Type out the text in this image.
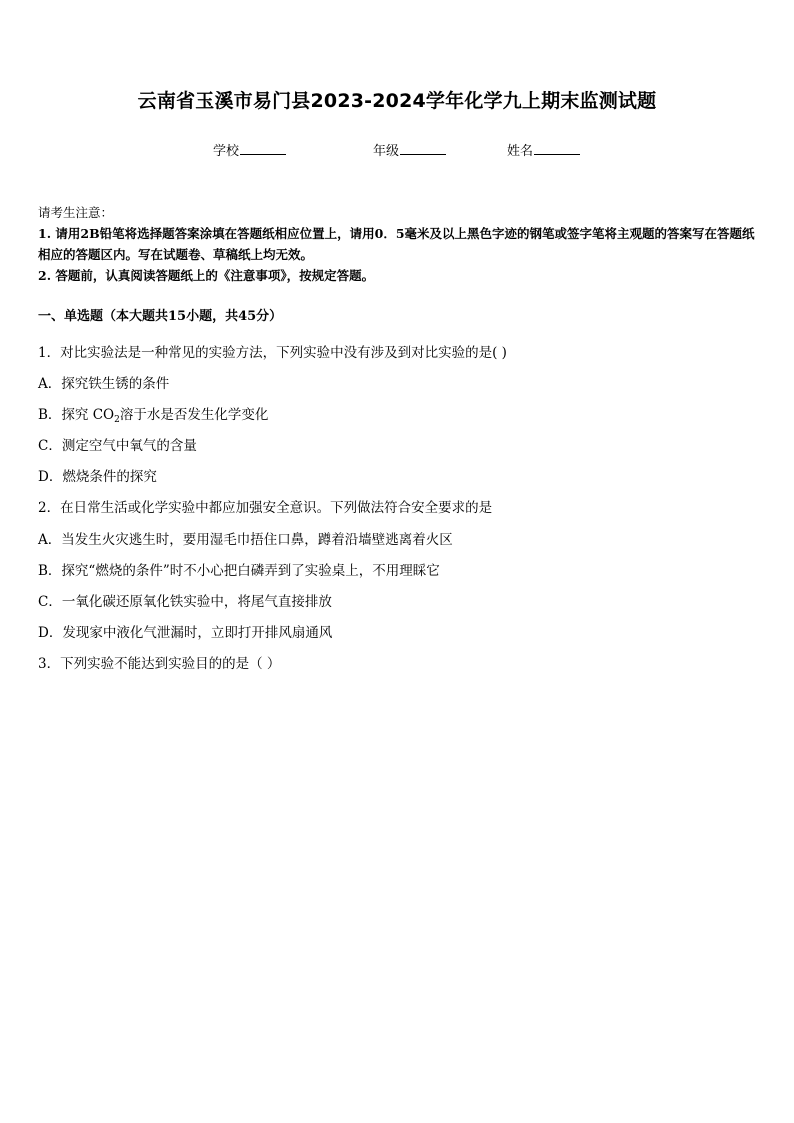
云南省玉溪市易门县2023-2024学年化学九上期末监测试题
学校	年级	姓名
请考生注意：
1. 请用2B铅笔将选择题答案涂填在答题纸相应位置上，请用0．5毫米及以上黑色字迹的钢笔或签字笔将主观题的答案写在答题纸相应的答题区内。写在试题卷、草稿纸上均无效。
2. 答题前，认真阅读答题纸上的《注意事项》，按规定答题。
一、单选题（本大题共15小题，共45分）
1．对比实验法是一种常见的实验方法，下列实验中没有涉及到对比实验的是( )
A．探究铁生锈的条件
B．探究 $CO_2$溶于水是否发生化学变化
C．测定空气中氧气的含量
D．燃烧条件的探究
2．在日常生活或化学实验中都应加强安全意识。下列做法符合安全要求的是
A．当发生火灾逃生时，要用湿毛巾捂住口鼻，蹲着沿墙壁逃离着火区
B．探究“燃烧的条件”时不小心把白磷弄到了实验桌上，不用理睬它
C．一氧化碳还原氧化铁实验中，将尾气直接排放
D．发现家中液化气泄漏时，立即打开排风扇通风
3．下列实验不能达到实验目的的是（ ）
